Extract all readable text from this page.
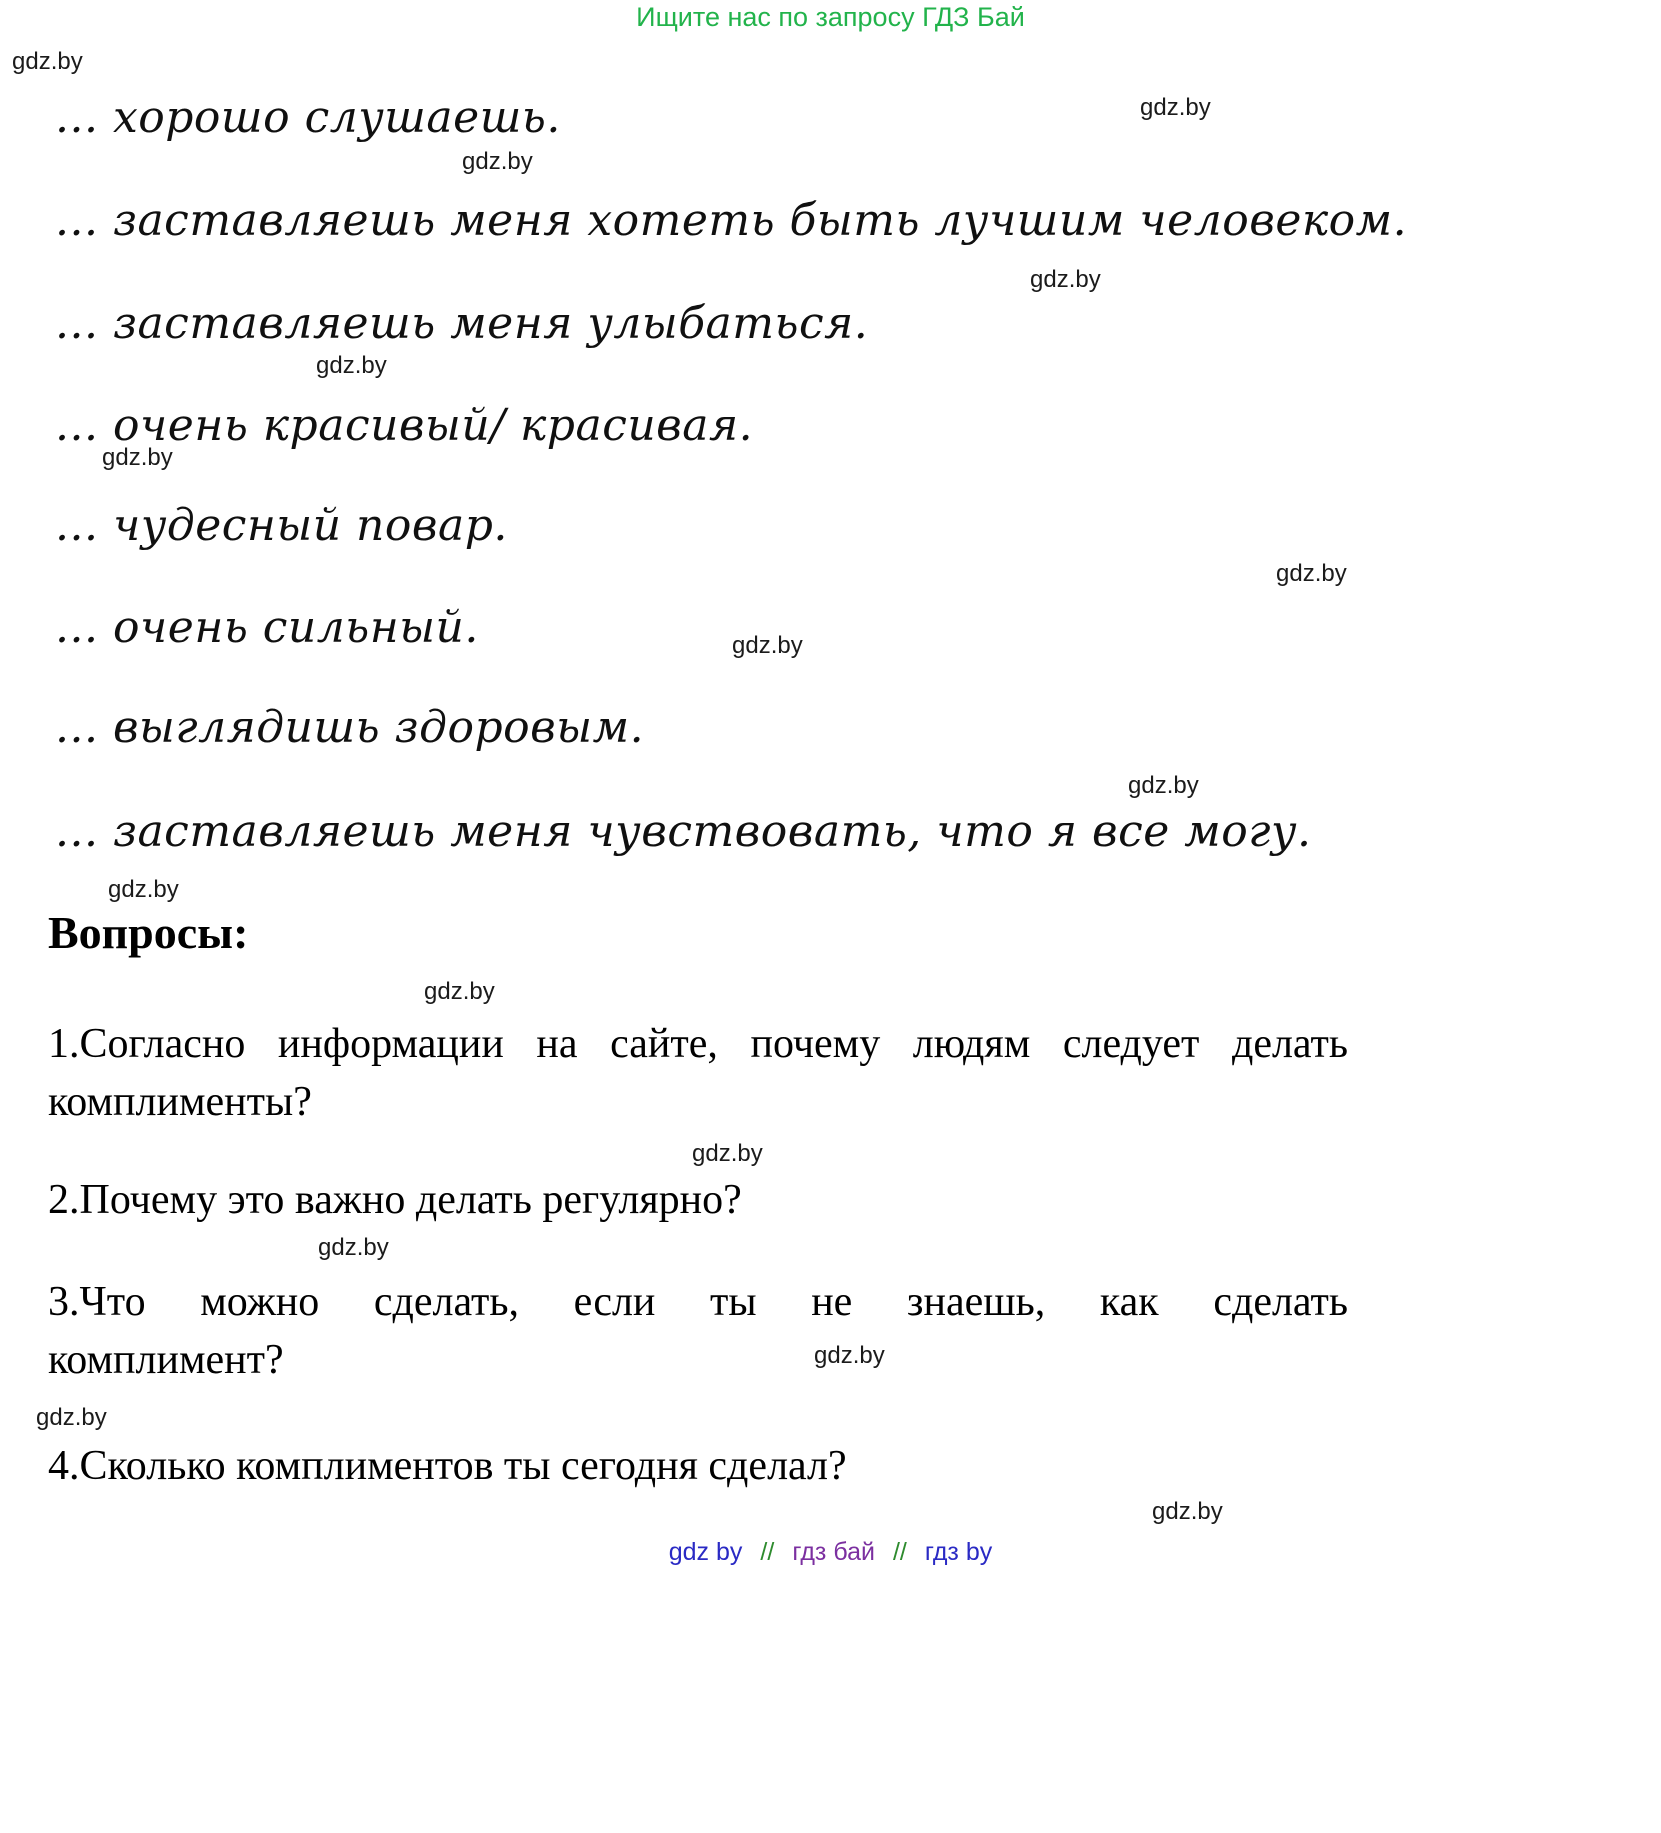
Ищите нас по запросу ГДЗ Бай
gdz.by
gdz.by
gdz.by
gdz.by
gdz.by
gdz.by
gdz.by
gdz.by
gdz.by
gdz.by
gdz.by
gdz.by
gdz.by
gdz.by
gdz.by
gdz.by
... хорошо слушаешь.
... заставляешь меня хотеть быть лучшим человеком.
... заставляешь меня улыбаться.
... очень красивый/ красивая.
... чудесный повар.
... очень сильный.
... выглядишь здоровым.
... заставляешь меня чувствовать, что я все могу.
Вопросы:
1.Согласно информации на сайте, почему людям следует делать комплименты?
2.Почему это важно делать регулярно?
3.Что можно сделать, если ты не знаешь, как сделать комплимент?
4.Сколько комплиментов ты сегодня сделал?
gdz by // гдз бай // гдз by
